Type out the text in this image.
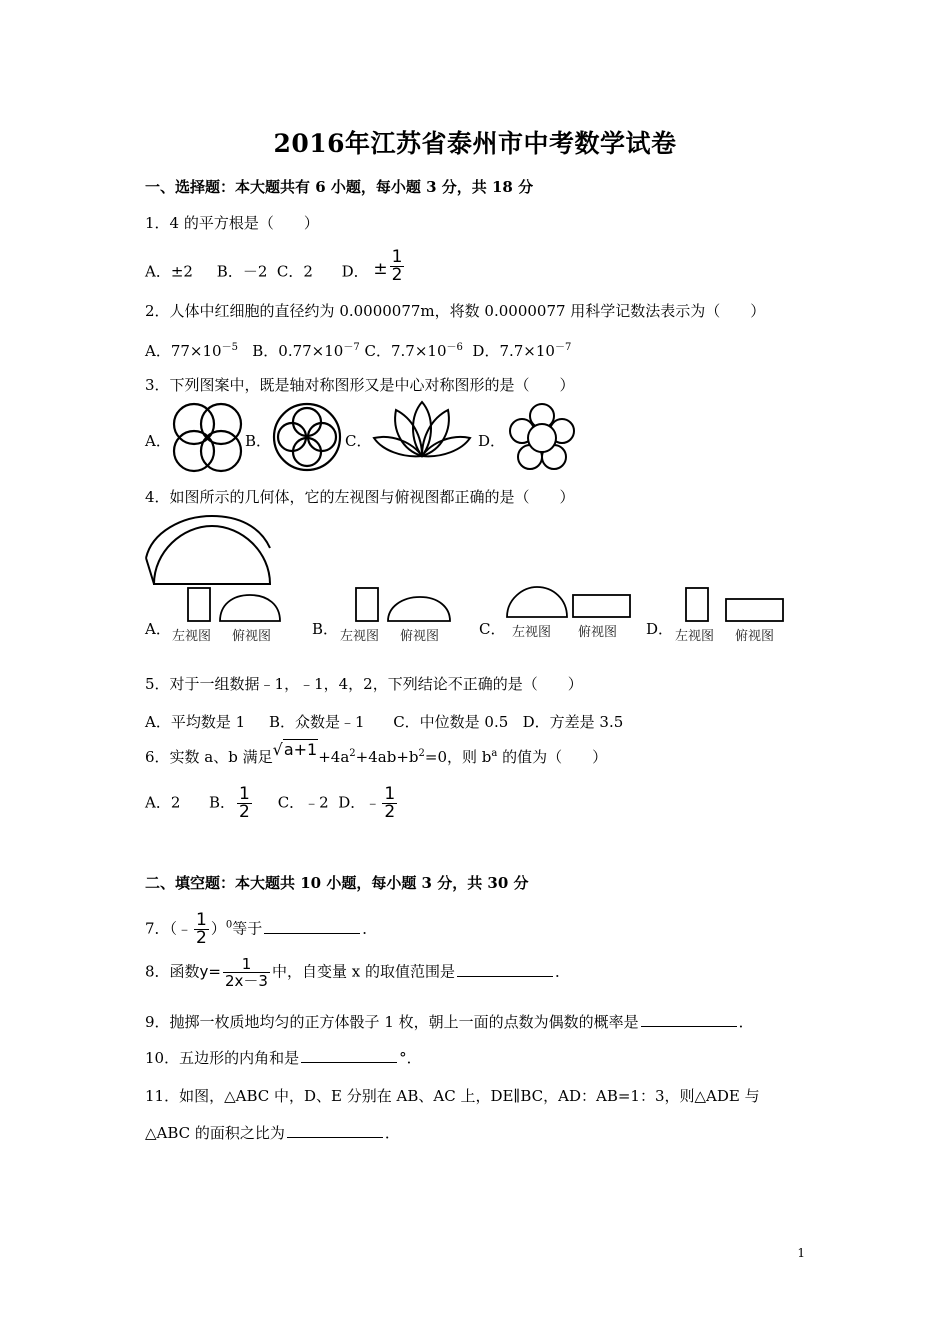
2016年江苏省泰州市中考数学试卷
一、选择题：本大题共有 6 小题，每小题 3 分，共 18 分
1．4 的平方根是（　　）
A．±2 B．－2 C．2 D． ± $\frac{1}{2}$
2．人体中红细胞的直径约为 0.0000077m，将数 0.0000077 用科学记数法表示为（　　）
A．$77\times 10^{-5}$ B．$0.77\times 10^{-7}$ C．$7.7\times 10^{-6}$ D．$7.7\times 10^{-7}$
3．下列图案中，既是轴对称图形又是中心对称图形的是（　　）
A．	B．	C．	D．
4．如图所示的几何体，它的左视图与俯视图都正确的是（　　）
A． 左视图 俯视图	B． 左视图 俯视图	C． 左视图 俯视图 D． 左视图 俯视图
5．对于一组数据﹣1，﹣1，4，2，下列结论不正确的是（　　）
A．平均数是 1 B．众数是﹣1 C．中位数是 0.5 D．方差是 3.5
6．实数 a、b 满足$√a+1+4a^2+4ab+b^2=0$，则 $b^a$ 的值为（　　）
A．2 B． $\frac{1}{2}$ C．﹣2 D．﹣ $\frac{1}{2}$
二、填空题：本大题共 10 小题，每小题 3 分，共 30 分
7．（﹣ $\frac{1}{2} )^0$等于	．
8．函数$y= \frac{1}{2x-3}$ 中，自变量 x 的取值范围是	．
9．抛掷一枚质地均匀的正方体骰子 1 枚，朝上一面的点数为偶数的概率是	．
10．五边形的内角和是	°．
11．如图，△ABC 中，D、E 分别在 AB、AC 上，DE∥BC，AD：AB=1：3，则△ADE 与
△ABC 的面积之比为	．
1
